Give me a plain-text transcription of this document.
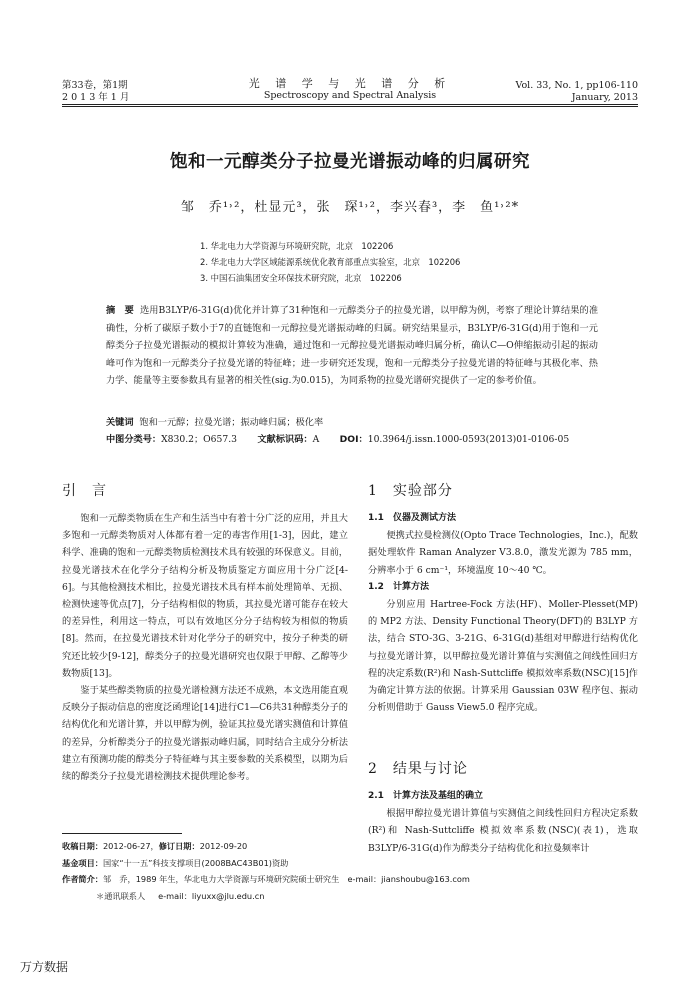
第33卷，第1期
2 0 1 3 年 1 月
光 谱 学 与 光 谱 分 析
Spectroscopy and Spectral Analysis
Vol. 33, No. 1, pp106-110
January, 2013
饱和一元醇类分子拉曼光谱振动峰的归属研究
邹　乔¹˒²，杜显元³，张　琛¹˒²，李兴春³，李　鱼¹˒²*
1. 华北电力大学资源与环境研究院，北京　102206
2. 华北电力大学区域能源系统优化教育部重点实验室，北京　102206
3. 中国石油集团安全环保技术研究院，北京　102206
摘　要 选用B3LYP/6-31G(d)优化并计算了31种饱和一元醇类分子的拉曼光谱，以甲醇为例，考察了理论计算结果的准确性，分析了碳原子数小于7的直链饱和一元醇拉曼光谱振动峰的归属。研究结果显示，B3LYP/6-31G(d)用于饱和一元醇类分子拉曼光谱振动的模拟计算较为准确，通过饱和一元醇拉曼光谱振动峰归属分析，确认C—O伸缩振动引起的振动峰可作为饱和一元醇类分子拉曼光谱的特征峰；进一步研究还发现，饱和一元醇类分子拉曼光谱的特征峰与其极化率、热力学、能量等主要参数具有显著的相关性(sig.为0.015)，为同系物的拉曼光谱研究提供了一定的参考价值。
关键词 饱和一元醇；拉曼光谱；振动峰归属；极化率
中图分类号：X830.2；O657.3 文献标识码：A DOI：10.3964/j.issn.1000-0593(2013)01-0106-05
引　言

饱和一元醇类物质在生产和生活当中有着十分广泛的应用，并且大多饱和一元醇类物质对人体都有着一定的毒害作用[1-3]，因此，建立科学、准确的饱和一元醇类物质检测技术具有较强的环保意义。目前，拉曼光谱技术在化学分子结构分析及物质鉴定方面应用十分广泛[4-6]。与其他检测技术相比，拉曼光谱技术具有样本前处理简单、无损、检测快速等优点[7]，分子结构相似的物质，其拉曼光谱可能存在较大的差异性，利用这一特点，可以有效地区分分子结构较为相似的物质[8]。然而，在拉曼光谱技术针对化学分子的研究中，按分子种类的研究还比较少[9-12]，醇类分子的拉曼光谱研究也仅限于甲醇、乙醇等少数物质[13]。

鉴于某些醇类物质的拉曼光谱检测方法还不成熟，本文选用能直观反映分子振动信息的密度泛函理论[14]进行C1—C6共31种醇类分子的结构优化和光谱计算，并以甲醇为例，验证其拉曼光谱实测值和计算值的差异，分析醇类分子的拉曼光谱振动峰归属，同时结合主成分分析法建立有预测功能的醇类分子特征峰与其主要参数的关系模型，以期为后续的醇类分子拉曼光谱检测技术提供理论参考。

1　实验部分

1.1　仪器及测试方法

便携式拉曼检测仪(Opto Trace Technologies，Inc.)，配数据处理软件 Raman Analyzer V3.8.0，激发光源为 785 mm，分辨率小于 6 cm⁻¹，环境温度 10～40 ℃。

1.2　计算方法

分别应用 Hartree-Fock 方法(HF)、Moller-Plesset(MP)的 MP2 方法、Density Functional Theory(DFT)的 B3LYP 方法，结合 STO-3G、3-21G、6-31G(d)基组对甲醇进行结构优化与拉曼光谱计算，以甲醇拉曼光谱计算值与实测值之间线性回归方程的决定系数(R²)和 Nash-Suttcliffe 模拟效率系数(NSC)[15]作为确定计算方法的依据。计算采用 Gaussian 03W 程序包、振动分析则借助于 Gauss View5.0 程序完成。

2　结果与讨论

2.1　计算方法及基组的确立

根据甲醇拉曼光谱计算值与实测值之间线性回归方程决定系数(R²)和 Nash-Suttcliffe 模拟效率系数(NSC)(表1)，选取 B3LYP/6-31G(d)作为醇类分子结构优化和拉曼频率计

收稿日期：2012-06-27，修订日期：2012-09-20
基金项目：国家“十一五”科技支撑项目(2008BAC43B01)资助
作者简介：邹　乔，1989 年生，华北电力大学资源与环境研究院硕士研究生　e-mail：jianshoubu@163.com
＊通讯联系人 e-mail：liyuxx@jlu.edu.cn
万方数据
